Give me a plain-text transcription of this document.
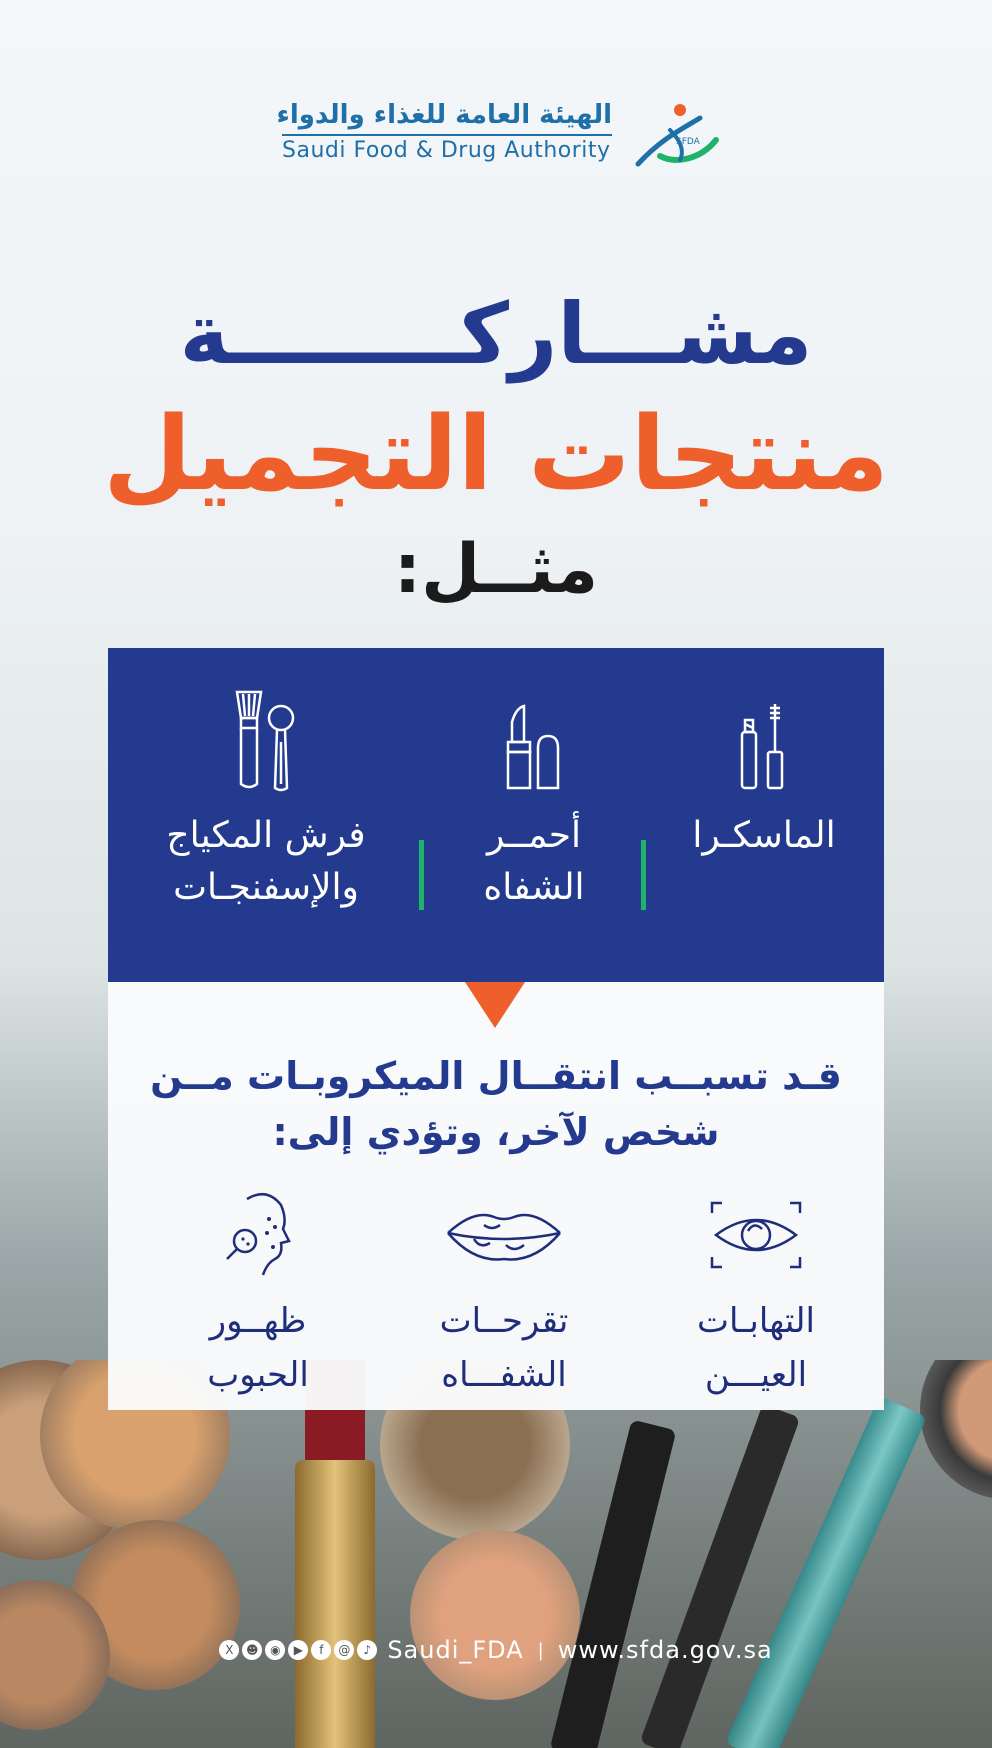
الهيئة العامة للغذاء والدواء
Saudi Food & Drug Authority	SFDA
مشـــاركــــــــة
منتجات التجميل
مثــل:
الماسكـرا
أحمــر
الشفاه
فرش المكياج
والإسفنجـات
قـد تسبــب انتقــال الميكروبـات مــن شخص لآخر، وتؤدي إلى:
التهابـات
العيـــن
تقرحــات
الشفـــاه
ظهــور
الحبوب
X	☻ ◉	▶	f	@	♪ Saudi_FDA | www.sfda.gov.sa
